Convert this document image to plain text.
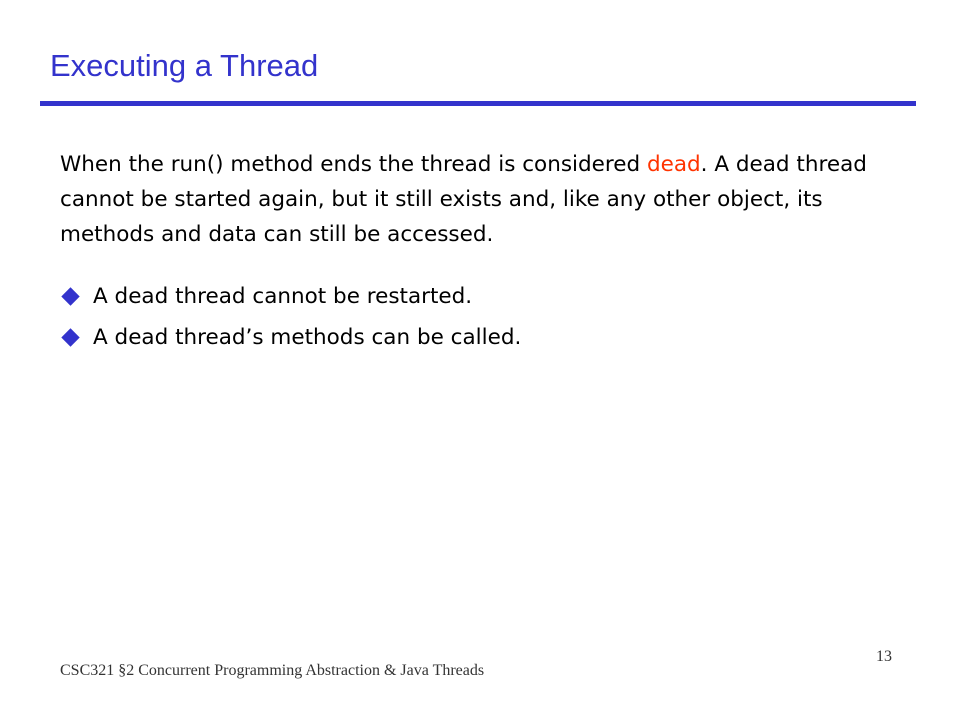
Executing a Thread
When the run() method ends the thread is considered dead. A dead thread cannot be started again, but it still exists and, like any other object, its methods and data can still be accessed.
A dead thread cannot be restarted.
A dead thread’s methods can be called.
CSC321 §2 Concurrent Programming Abstraction & Java Threads
13
